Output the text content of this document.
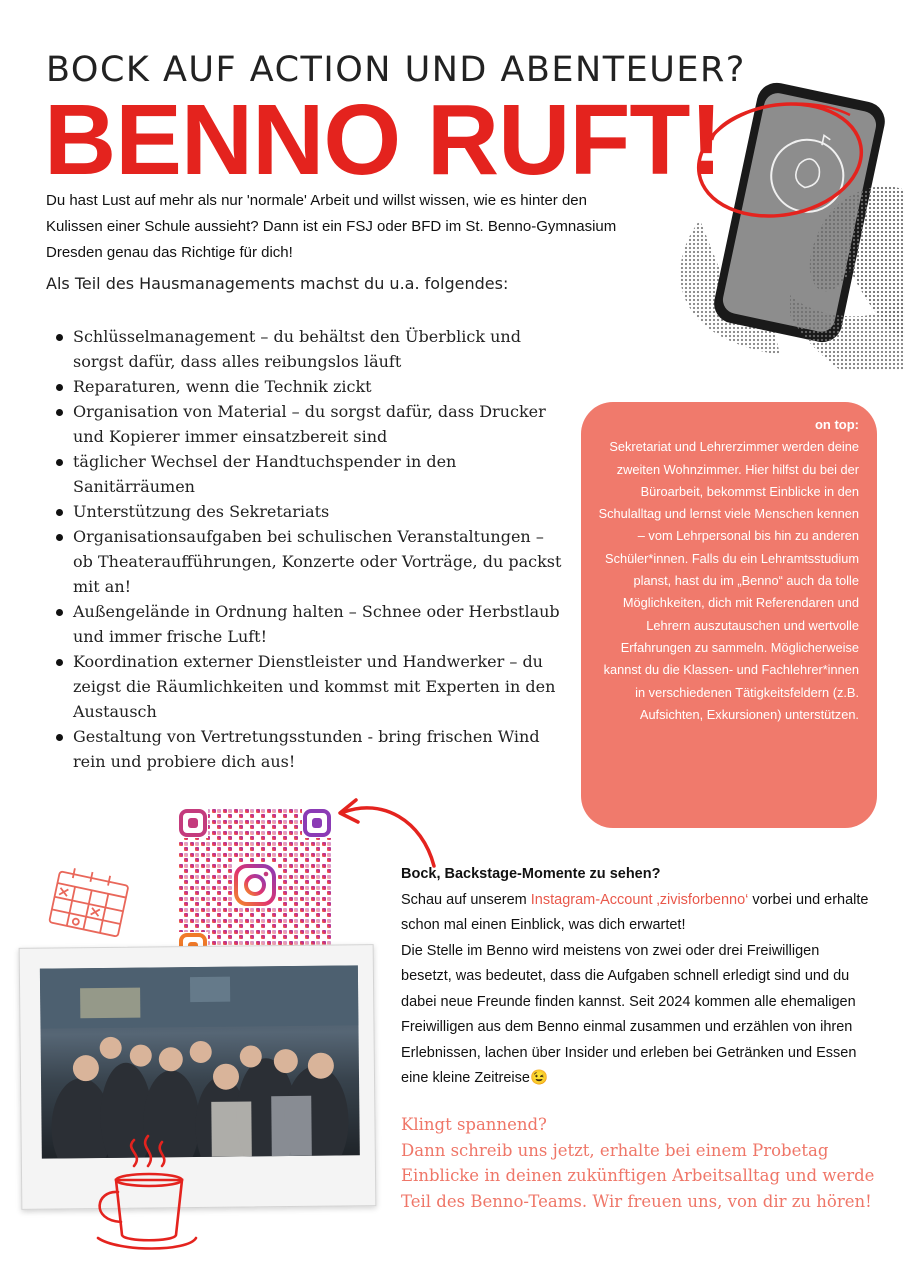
BOCK AUF ACTION UND ABENTEUER?
BENNO RUFT!
Du hast Lust auf mehr als nur 'normale' Arbeit und willst wissen, wie es hinter den Kulissen einer Schule aussieht? Dann ist ein FSJ oder BFD im St. Benno-Gymnasium Dresden genau das Richtige für dich!
Als Teil des Hausmanagements machst du u.a. folgendes:
Schlüsselmanagement – du behältst den Überblick und sorgst dafür, dass alles reibungslos läuft
Reparaturen, wenn die Technik zickt
Organisation von Material – du sorgst dafür, dass Drucker und Kopierer immer einsatzbereit sind
täglicher Wechsel der Handtuchspender in den Sanitärräumen
Unterstützung des Sekretariats
Organisationsaufgaben bei schulischen Veranstaltungen – ob Theateraufführungen, Konzerte oder Vorträge, du packst mit an!
Außengelände in Ordnung halten – Schnee oder Herbstlaub und immer frische Luft!
Koordination externer Dienstleister und Handwerker – du zeigst die Räumlichkeiten und kommst mit Experten in den Austausch
Gestaltung von Vertretungsstunden - bring frischen Wind rein und probiere dich aus!
on top:
Sekretariat und Lehrerzimmer werden deine zweiten Wohnzimmer. Hier hilfst du bei der Büroarbeit, bekommst Einblicke in den Schulalltag und lernst viele Menschen kennen – vom Lehrpersonal bis hin zu anderen Schüler*innen. Falls du ein Lehramtsstudium planst, hast du im „Benno“ auch da tolle Möglichkeiten, dich mit Referendaren und Lehrern auszutauschen und wertvolle Erfahrungen zu sammeln. Möglicherweise kannst du die Klassen- und Fachlehrer*innen in verschiedenen Tätigkeitsfeldern (z.B. Aufsichten, Exkursionen) unterstützen.
Bock, Backstage-Momente zu sehen?
Schau auf unserem Instagram-Account ‚zivisforbenno‘ vorbei und erhalte schon mal einen Einblick, was dich erwartet!
Die Stelle im Benno wird meistens von zwei oder drei Freiwilligen besetzt, was bedeutet, dass die Aufgaben schnell erledigt sind und du dabei neue Freunde finden kannst. Seit 2024 kommen alle ehemaligen Freiwilligen aus dem Benno einmal zusammen und erzählen von ihren Erlebnissen, lachen über Insider und erleben bei Getränken und Essen eine kleine Zeitreise😉
Klingt spannend?
Dann schreib uns jetzt, erhalte bei einem Probetag Einblicke in deinen zukünftigen Arbeitsalltag und werde Teil des Benno-Teams. Wir freuen uns, von dir zu hören!
